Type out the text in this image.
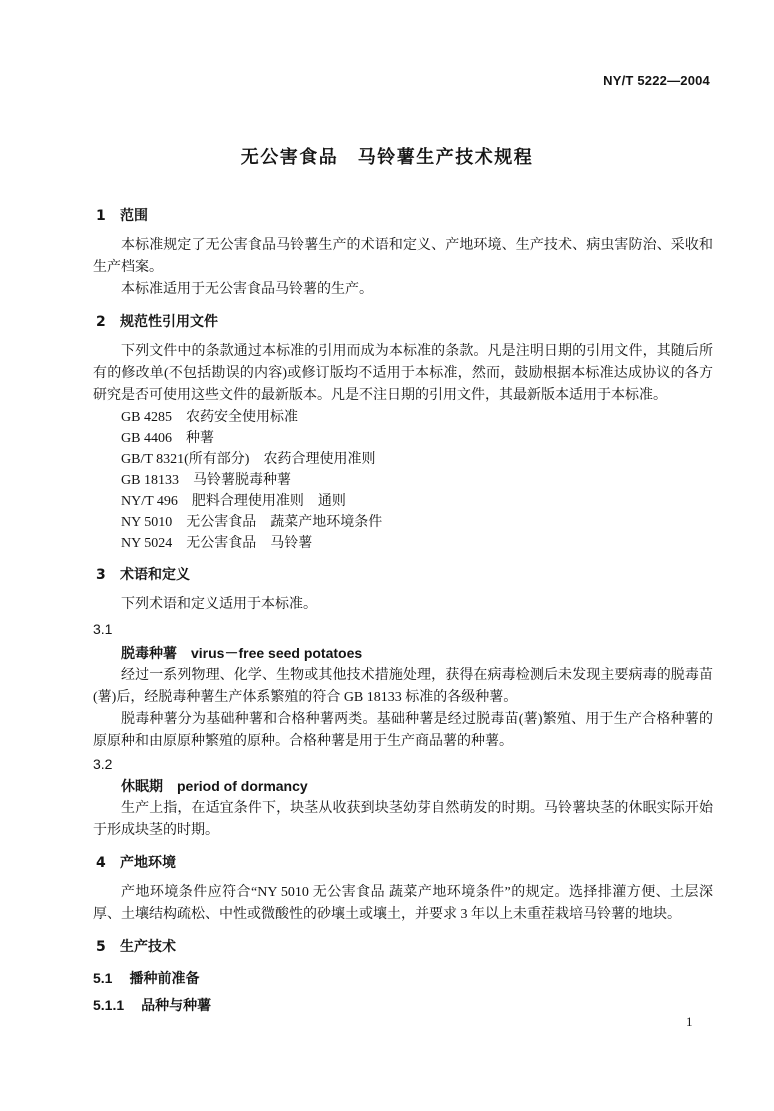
NY/T 5222—2004
无公害食品　马铃薯生产技术规程
1 范围

本标准规定了无公害食品马铃薯生产的术语和定义、产地环境、生产技术、病虫害防治、采收和生产档案。

本标准适用于无公害食品马铃薯的生产。

2 规范性引用文件

下列文件中的条款通过本标准的引用而成为本标准的条款。凡是注明日期的引用文件，其随后所有的修改单(不包括勘误的内容)或修订版均不适用于本标准，然而，鼓励根据本标准达成协议的各方研究是否可使用这些文件的最新版本。凡是不注日期的引用文件，其最新版本适用于本标准。

GB 4285 农药安全使用标准
GB 4406 种薯
GB/T 8321(所有部分) 农药合理使用准则
GB 18133 马铃薯脱毒种薯
NY/T 496 肥料合理使用准则　通则
NY 5010 无公害食品　蔬菜产地环境条件
NY 5024 无公害食品　马铃薯
3 术语和定义

下列术语和定义适用于本标准。

3.1
脱毒种薯 virus－free seed potatoes

经过一系列物理、化学、生物或其他技术措施处理，获得在病毒检测后未发现主要病毒的脱毒苗(薯)后，经脱毒种薯生产体系繁殖的符合 GB 18133 标准的各级种薯。

脱毒种薯分为基础种薯和合格种薯两类。基础种薯是经过脱毒苗(薯)繁殖、用于生产合格种薯的原原种和由原原种繁殖的原种。合格种薯是用于生产商品薯的种薯。

3.2
休眠期 period of dormancy

生产上指，在适宜条件下，块茎从收获到块茎幼芽自然萌发的时期。马铃薯块茎的休眠实际开始于形成块茎的时期。

4 产地环境

产地环境条件应符合“NY 5010 无公害食品 蔬菜产地环境条件”的规定。选择排灌方便、土层深厚、土壤结构疏松、中性或微酸性的砂壤土或壤土，并要求 3 年以上未重茬栽培马铃薯的地块。

5 生产技术
5.1 播种前准备
5.1.1 品种与种薯
1
